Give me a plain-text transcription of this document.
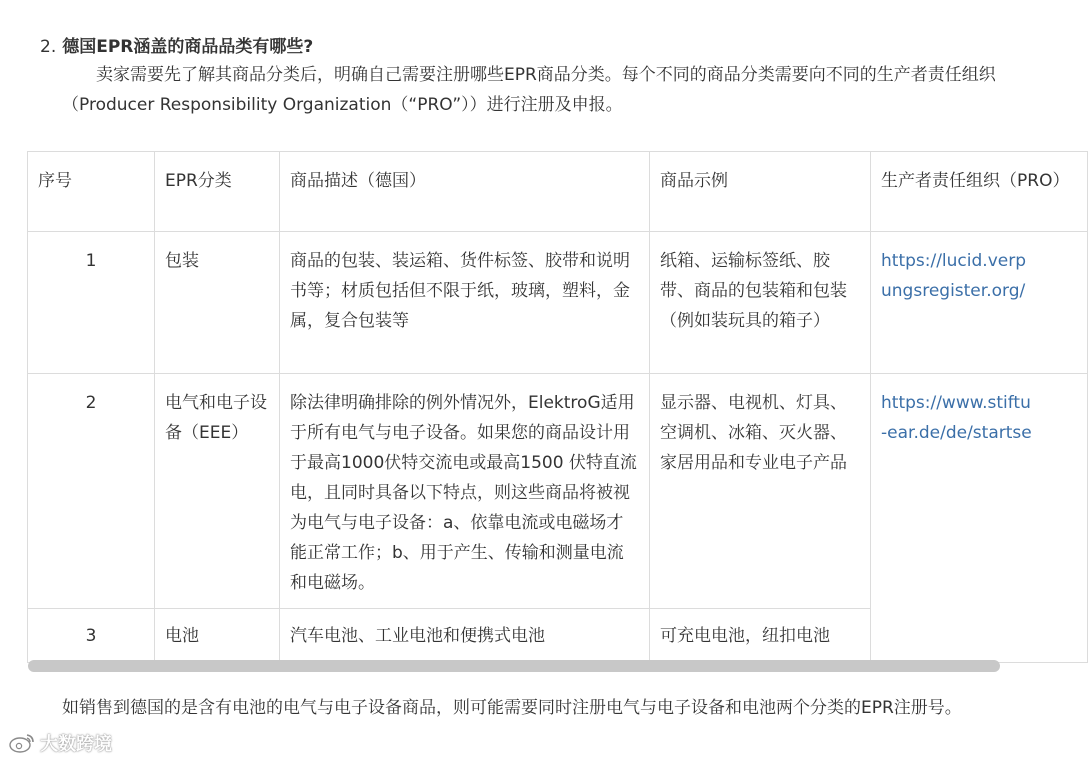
2. 德国EPR涵盖的商品品类有哪些?
卖家需要先了解其商品分类后，明确自己需要注册哪些EPR商品分类。每个不同的商品分类需要向不同的生产者责任组织（Producer Responsibility Organization（“PRO”））进行注册及申报。
序号	EPR分类	商品描述（德国）	商品示例	生产者责任组织（PRO）
1	包装	商品的包装、装运箱、货件标签、胶带和说明书等；材质包括但不限于纸，玻璃，塑料，金属，复合包装等	纸箱、运输标签纸、胶带、商品的包装箱和包装（例如装玩具的箱子）	https://lucid.verp
ungsregister.org/

2	电气和电子设备（EEE）	除法律明确排除的例外情况外，ElektroG适用于所有电气与电子设备。如果您的商品设计用于最高1000伏特交流电或最高1500 伏特直流电，且同时具备以下特点，则这些商品将被视为电气与电子设备：a、依靠电流或电磁场才能正常工作；b、用于产生、传输和测量电流和电磁场。	显示器、电视机、灯具、空调机、冰箱、灭火器、家居用品和专业电子产品	https://www.stiftu
-ear.de/de/startse

3	电池	汽车电池、工业电池和便携式电池	可充电电池，纽扣电池	
如销售到德国的是含有电池的电气与电子设备商品，则可能需要同时注册电气与电子设备和电池两个分类的EPR注册号。
大数跨境
